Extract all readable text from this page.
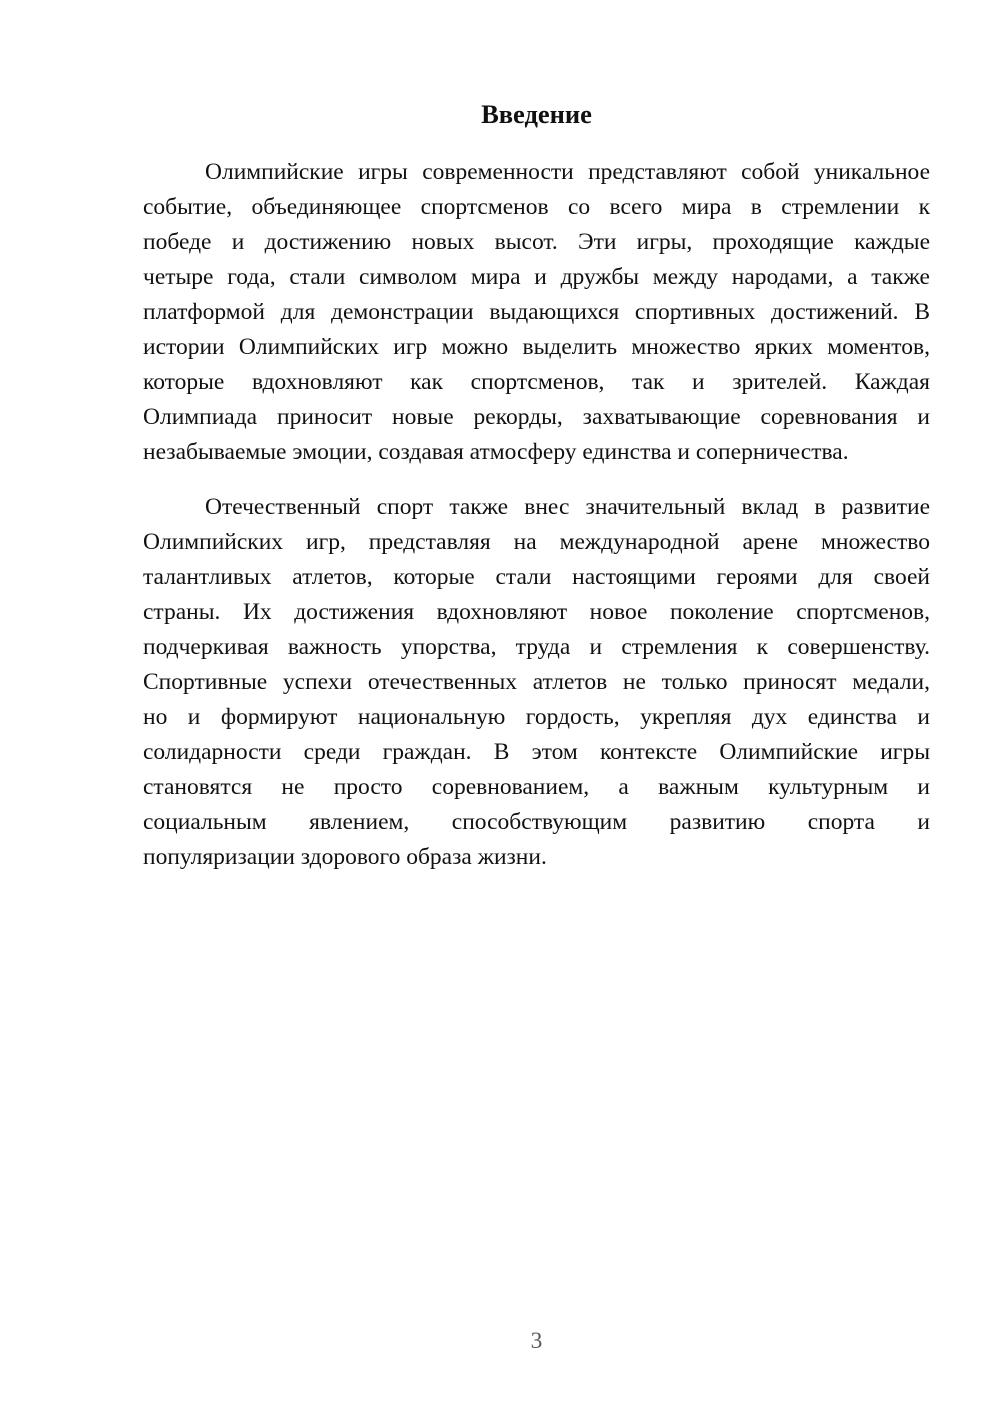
Введение

Олимпийские игры современности представляют собой уникальное
событие, объединяющее спортсменов со всего мира в стремлении к
победе и достижению новых высот. Эти игры, проходящие каждые
четыре года, стали символом мира и дружбы между народами, а также
платформой для демонстрации выдающихся спортивных достижений. В
истории Олимпийских игр можно выделить множество ярких моментов,
которые вдохновляют как спортсменов, так и зрителей. Каждая
Олимпиада приносит новые рекорды, захватывающие соревнования и
незабываемые эмоции, создавая атмосферу единства и соперничества.

Отечественный спорт также внес значительный вклад в развитие
Олимпийских игр, представляя на международной арене множество
талантливых атлетов, которые стали настоящими героями для своей
страны. Их достижения вдохновляют новое поколение спортсменов,
подчеркивая важность упорства, труда и стремления к совершенству.
Спортивные успехи отечественных атлетов не только приносят медали,
но и формируют национальную гордость, укрепляя дух единства и
солидарности среди граждан. В этом контексте Олимпийские игры
становятся не просто соревнованием, а важным культурным и
социальным явлением, способствующим развитию спорта и
популяризации здорового образа жизни.

3
